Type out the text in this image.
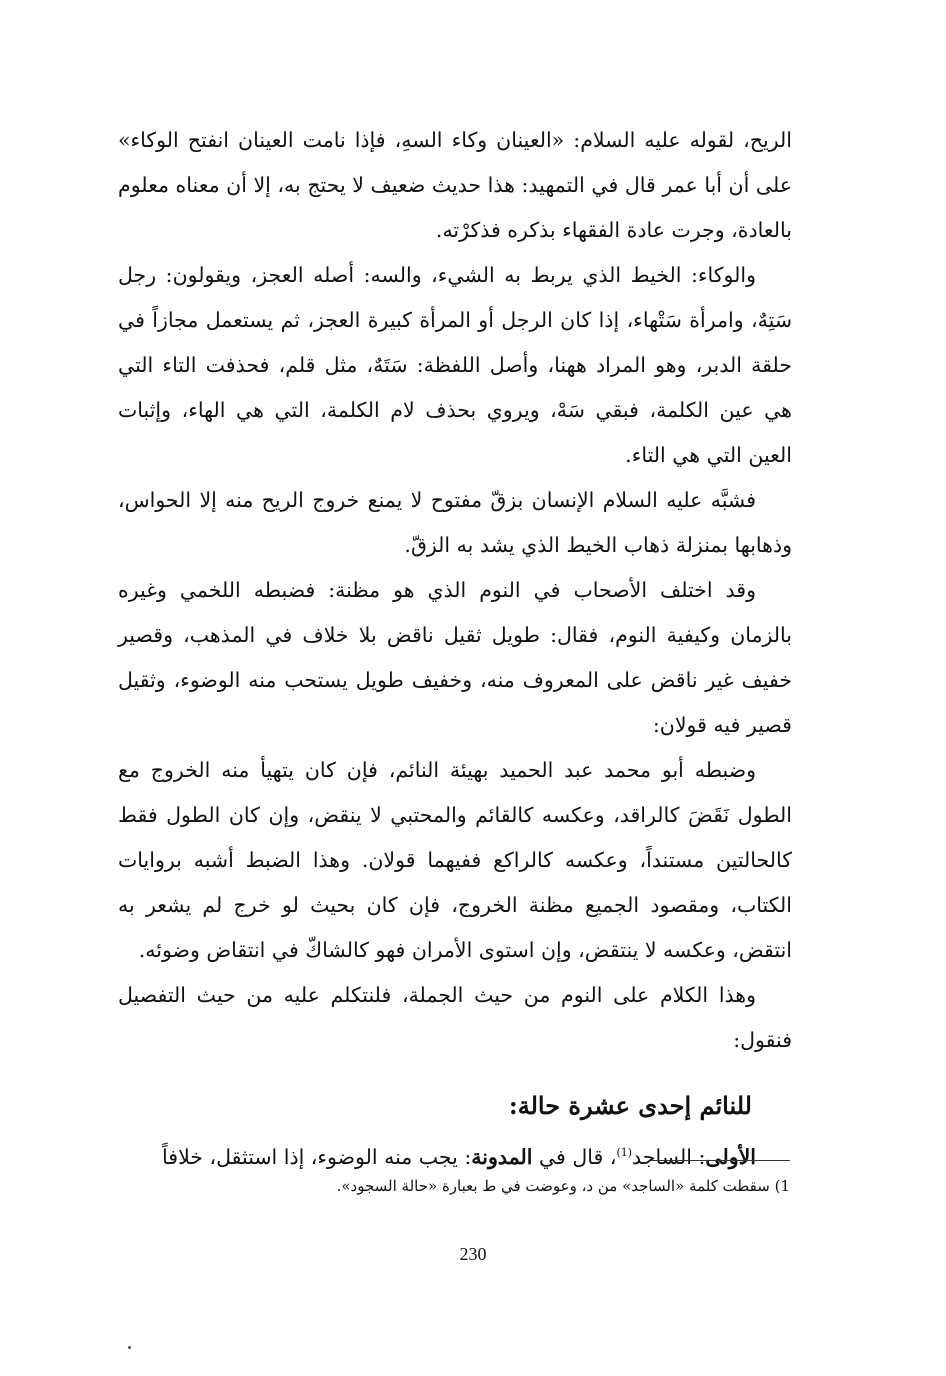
الريح، لقوله عليه السلام: «العينان وكاء السهِ، فإذا نامت العينان انفتح الوكاء» على أن أبا عمر قال في التمهيد: هذا حديث ضعيف لا يحتج به، إلا أن معناه معلوم بالعادة، وجرت عادة الفقهاء بذكره فذكرْته.

والوكاء: الخيط الذي يربط به الشيء، والسه: أصله العجز، ويقولون: رجل سَتِهٌ، وامرأة سَتْهاء، إذا كان الرجل أو المرأة كبيرة العجز، ثم يستعمل مجازاً في حلقة الدبر، وهو المراد ههنا، وأصل اللفظة: سَتَهٌ، مثل قلم، فحذفت التاء التي هي عين الكلمة، فبقي سَهْ، ويروي بحذف لام الكلمة، التي هي الهاء، وإثبات العين التي هي التاء.

فشبَّه عليه السلام الإنسان بزقّ مفتوح لا يمنع خروج الريح منه إلا الحواس، وذهابها بمنزلة ذهاب الخيط الذي يشد به الزقّ.

وقد اختلف الأصحاب في النوم الذي هو مظنة: فضبطه اللخمي وغيره بالزمان وكيفية النوم، فقال: طويل ثقيل ناقض بلا خلاف في المذهب، وقصير خفيف غير ناقض على المعروف منه، وخفيف طويل يستحب منه الوضوء، وثقيل قصير فيه قولان:

وضبطه أبو محمد عبد الحميد بهيئة النائم، فإن كان يتهيأ منه الخروج مع الطول نَقَضَ كالراقد، وعكسه كالقائم والمحتبي لا ينقض، وإن كان الطول فقط كالحالتين مستنداً، وعكسه كالراكع ففيهما قولان. وهذا الضبط أشبه بروايات الكتاب، ومقصود الجميع مظنة الخروج، فإن كان بحيث لو خرج لم يشعر به انتقض، وعكسه لا ينتقض، وإن استوى الأمران فهو كالشاكّ في انتقاض وضوئه.

وهذا الكلام على النوم من حيث الجملة، فلنتكلم عليه من حيث التفصيل فنقول:

للنائم إحدى عشرة حالة:

الأولى: الساجد$^{(1)}$، قال في المدونة: يجب منه الوضوء، إذا استثقل، خلافاً

1) سقطت كلمة «الساجد» من د، وعوضت في ط بعبارة «حالة السجود».
230
